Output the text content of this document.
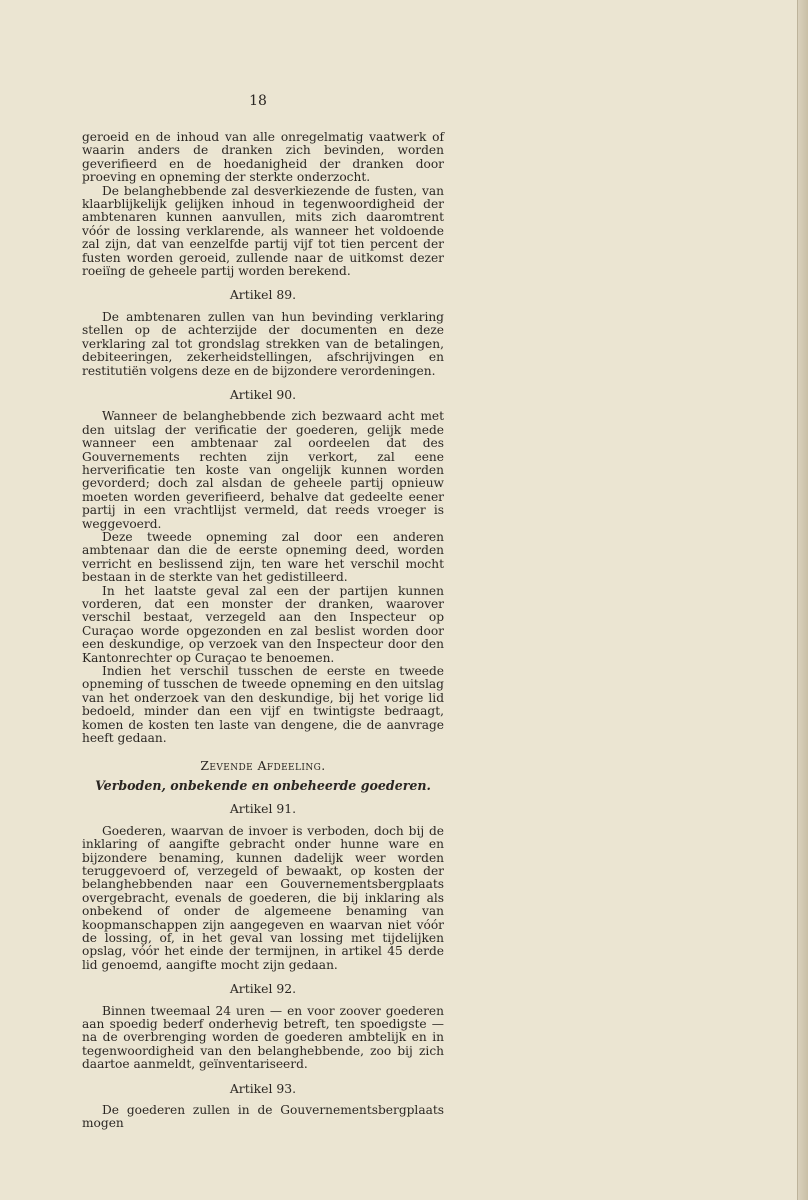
18

geroeid en de inhoud van alle onregelmatig vaatwerk of waarin anders de dranken zich bevinden, worden geverifieerd en de hoedanigheid der dranken door proeving en opneming der sterkte onderzocht.

De belanghebbende zal desverkiezende de fusten, van klaarblijkelijk gelijken inhoud in tegenwoordigheid der ambtenaren kunnen aanvullen, mits zich daaromtrent vóór de lossing verklarende, als wanneer het voldoende zal zijn, dat van eenzelfde partij vijf tot tien percent der fusten worden geroeid, zullende naar de uitkomst dezer roeiïng de geheele partij worden berekend.

Artikel 89.

De ambtenaren zullen van hun bevinding verklaring stellen op de achterzijde der documenten en deze verklaring zal tot grondslag strekken van de betalingen, debiteeringen, zekerheidstellingen, afschrijvingen en restitutiën volgens deze en de bijzondere verordeningen.

Artikel 90.

Wanneer de belanghebbende zich bezwaard acht met den uitslag der verificatie der goederen, gelijk mede wanneer een ambtenaar zal oordeelen dat des Gouvernements rechten zijn verkort, zal eene herverificatie ten koste van ongelijk kunnen worden gevorderd; doch zal alsdan de geheele partij opnieuw moeten worden geverifieerd, behalve dat gedeelte eener partij in een vrachtlijst vermeld, dat reeds vroeger is weggevoerd.

Deze tweede opneming zal door een anderen ambtenaar dan die de eerste opneming deed, worden verricht en beslissend zijn, ten ware het verschil mocht bestaan in de sterkte van het gedistilleerd.

In het laatste geval zal een der partijen kunnen vorderen, dat een monster der dranken, waarover verschil bestaat, verzegeld aan den Inspecteur op Curaçao worde opgezonden en zal beslist worden door een deskundige, op verzoek van den Inspecteur door den Kantonrechter op Curaçao te benoemen.

Indien het verschil tusschen de eerste en tweede opneming of tusschen de tweede opneming en den uitslag van het onderzoek van den deskundige, bij het vorige lid bedoeld, minder dan een vijf en twintigste bedraagt, komen de kosten ten laste van dengene, die de aanvrage heeft gedaan.

Zevende Afdeeling.
Verboden, onbekende en onbeheerde goederen.
Artikel 91.

Goederen, waarvan de invoer is verboden, doch bij de inklaring of aangifte gebracht onder hunne ware en bijzondere benaming, kunnen dadelijk weer worden teruggevoerd of, verzegeld of bewaakt, op kosten der belanghebbenden naar een Gouvernementsbergplaats overgebracht, evenals de goederen, die bij inklaring als onbekend of onder de algemeene benaming van koopmanschappen zijn aangegeven en waarvan niet vóór de lossing, of, in het geval van lossing met tijdelijken opslag, vóór het einde der termijnen, in artikel 45 derde lid genoemd, aangifte mocht zijn gedaan.

Artikel 92.

Binnen tweemaal 24 uren — en voor zoover goederen aan spoedig bederf onderhevig betreft, ten spoedigste — na de overbrenging worden de goederen ambtelijk en in tegenwoordigheid van den belanghebbende, zoo bij zich daartoe aanmeldt, geïnventariseerd.

Artikel 93.

De goederen zullen in de Gouvernementsbergplaats mogen
